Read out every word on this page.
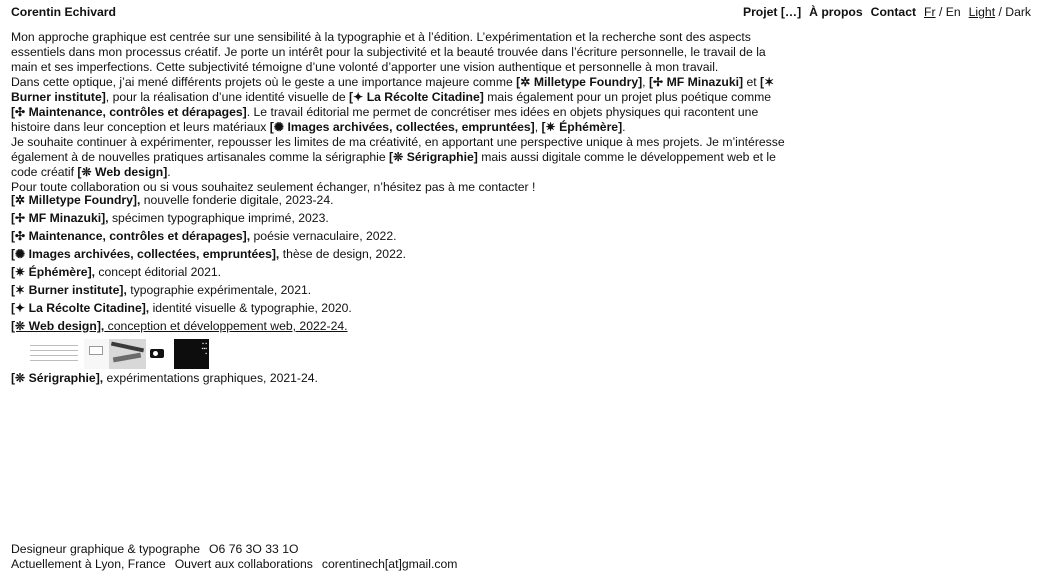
Corentin Echivard	Projet […] À propos Contact Fr / En Light / Dark

Mon approche graphique est centrée sur une sensibilité à la typographie et à l’édition. L’expérimentation et la recherche sont des aspects essentiels dans mon processus créatif. Je porte un intérêt pour la subjectivité et la beauté trouvée dans l’écriture personnelle, le travail de la main et ses imperfections. Cette subjectivité témoigne d’une volonté d’apporter une vision authentique et personnelle à mon travail.

Dans cette optique, j’ai mené différents projets où le geste a une importance majeure comme [✲ Milletype Foundry], [✢ MF Minazuki] et [✶ Burner institute], pour la réalisation d’une identité visuelle de [✦ La Récolte Citadine] mais également pour un projet plus poétique comme [✣ Maintenance, contrôles et dérapages]. Le travail éditorial me permet de concrétiser mes idées en objets physiques qui racontent une histoire dans leur conception et leurs matériaux [✺ Images archivées, collectées, empruntées], [✷ Éphémère].

Je souhaite continuer à expérimenter, repousser les limites de ma créativité, en apportant une perspective unique à mes projets. Je m’intéresse également à de nouvelles pratiques artisanales comme la sérigraphie [❊ Sérigraphie] mais aussi digitale comme le développement web et le code créatif [❊ Web design].

Pour toute collaboration ou si vous souhaitez seulement échanger, n’hésitez pas à me contacter !

[✲ Milletype Foundry], nouvelle fonderie digitale, 2023-24.
[✢ MF Minazuki], spécimen typographique imprimé, 2023.
[✣ Maintenance, contrôles et dérapages], poésie vernaculaire, 2022.
[✺ Images archivées, collectées, empruntées], thèse de design, 2022.
[✷ Éphémère], concept éditorial 2021.
[✶ Burner institute], typographie expérimentale, 2021.
[✦ La Récolte Citadine], identité visuelle & typographie, 2020.
[❊ Web design], conception et développement web, 2022-24.
▪ ▪
▪▪▪
▪
[❊ Sérigraphie], expérimentations graphiques, 2021-24.
Designeur graphique & typographe O6 76 3O 33 1O
Actuellement à Lyon, France Ouvert aux collaborations corentinech[at]gmail.com
